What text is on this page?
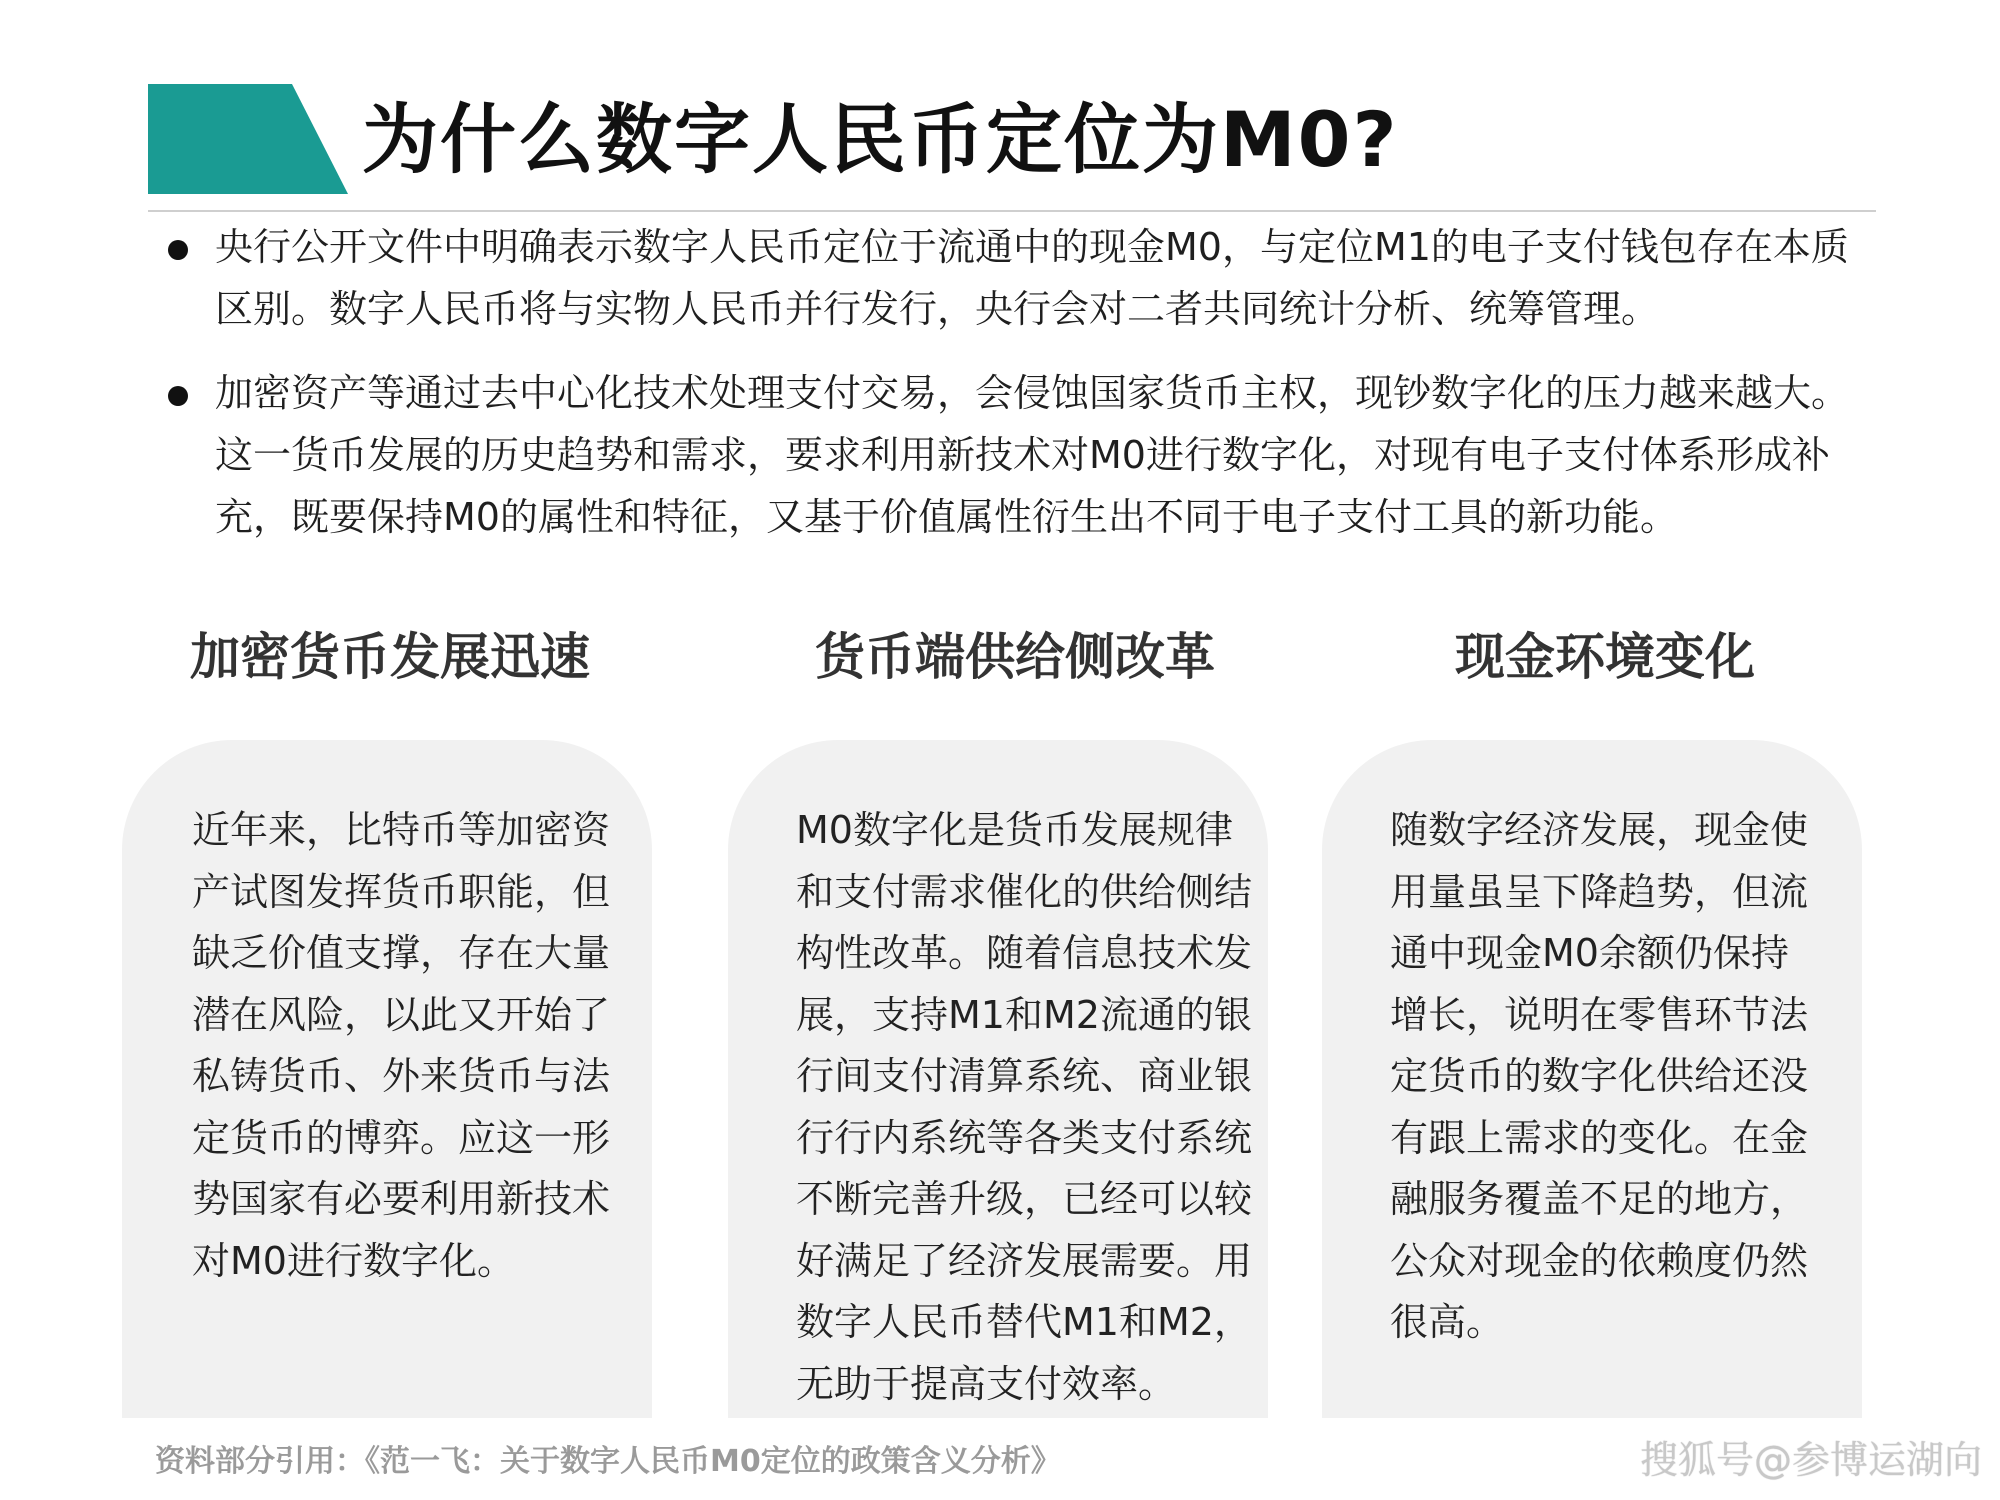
为什么数字人民币定位为M0?
央行公开文件中明确表示数字人民币定位于流通中的现金M0，与定位M1的电子支付钱包存在本质区别。数字人民币将与实物人民币并行发行，央行会对二者共同统计分析、统筹管理。
加密资产等通过去中心化技术处理支付交易，会侵蚀国家货币主权，现钞数字化的压力越来越大。这一货币发展的历史趋势和需求，要求利用新技术对M0进行数字化，对现有电子支付体系形成补充，既要保持M0的属性和特征，又基于价值属性衍生出不同于电子支付工具的新功能。
加密货币发展迅速	货币端供给侧改革	现金环境变化
近年来，比特币等加密资产试图发挥货币职能，但缺乏价值支撑，存在大量潜在风险，以此又开始了私铸货币、外来货币与法定货币的博弈。应这一形势国家有必要利用新技术对M0进行数字化。
M0数字化是货币发展规律和支付需求催化的供给侧结构性改革。随着信息技术发展，支持M1和M2流通的银行间支付清算系统、商业银行行内系统等各类支付系统不断完善升级，已经可以较好满足了经济发展需要。用数字人民币替代M1和M2，无助于提高支付效率。
随数字经济发展，现金使用量虽呈下降趋势，但流通中现金M0余额仍保持增长，说明在零售环节法定货币的数字化供给还没有跟上需求的变化。在金融服务覆盖不足的地方，公众对现金的依赖度仍然很高。
资料部分引用：《范一飞：关于数字人民币M0定位的政策含义分析》	搜狐号@参博运湖向
